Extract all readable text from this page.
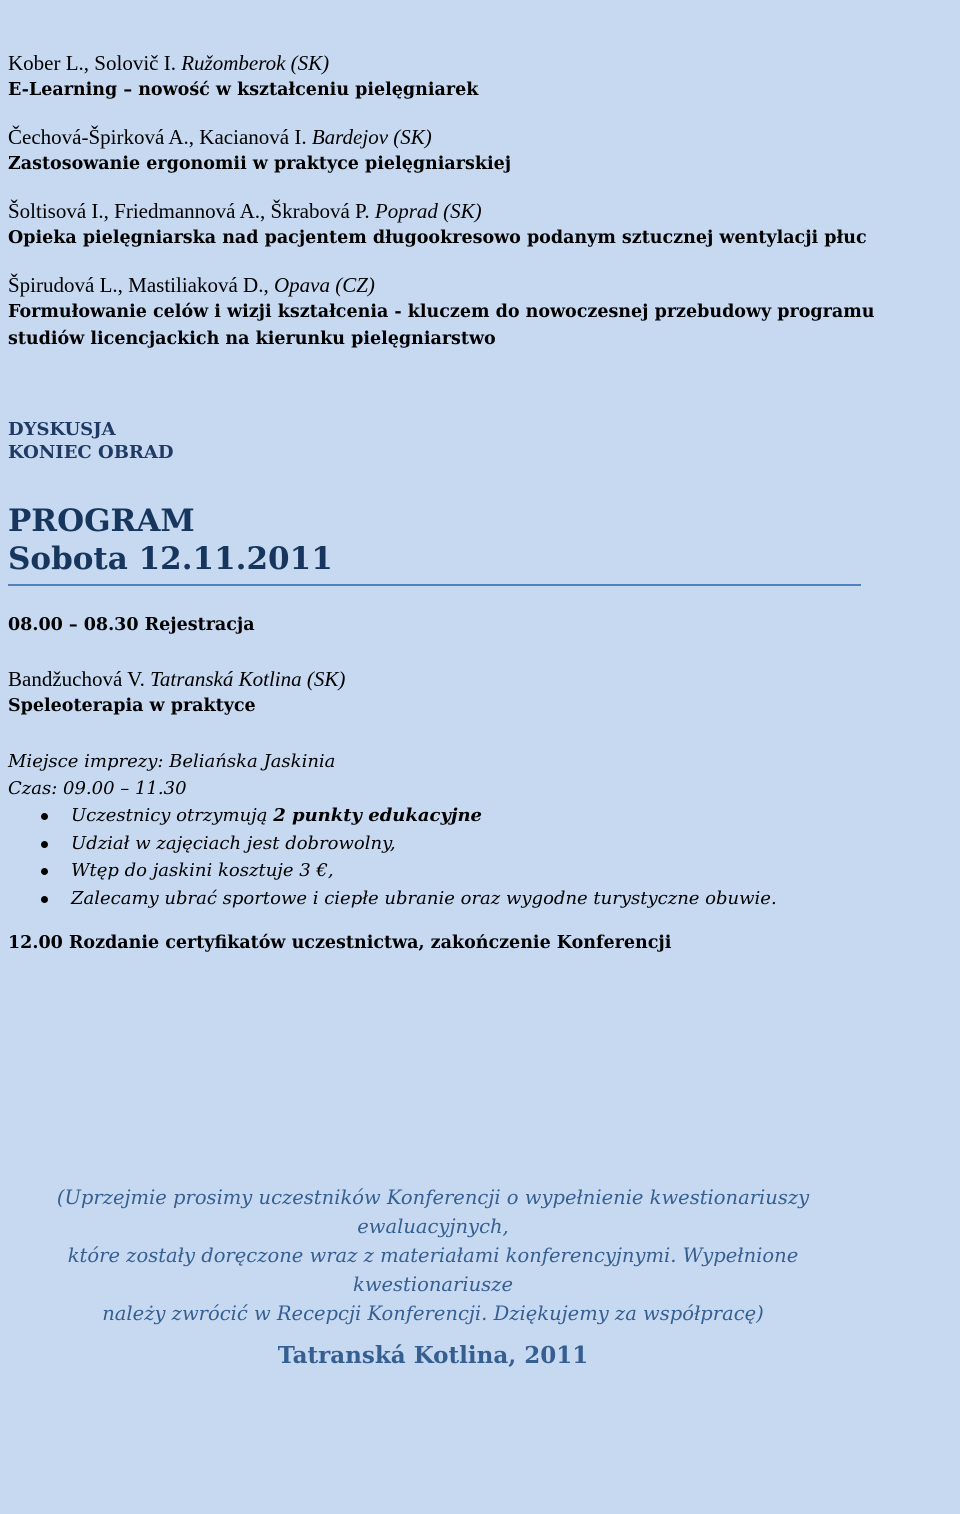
Kober L., Solovič I. Ružomberok (SK)
E-Learning – nowość w kształceniu pielęgniarek
Čechová-Špirková A., Kacianová I. Bardejov (SK)
Zastosowanie ergonomii w praktyce pielęgniarskiej
Šoltisová I., Friedmannová A., Škrabová P. Poprad (SK)
Opieka pielęgniarska nad pacjentem długookresowo podanym sztucznej wentylacji płuc
Špirudová L., Mastiliaková D., Opava (CZ)
Formułowanie celów i wizji kształcenia - kluczem do nowoczesnej przebudowy programu
studiów licencjackich na kierunku pielęgniarstwo
DYSKUSJA
KONIEC OBRAD
PROGRAM
Sobota 12.11.2011
08.00 – 08.30 Rejestracja
Bandžuchová V. Tatranská Kotlina (SK)
Speleoterapia w praktyce
Miejsce imprezy: Beliańska Jaskinia
Czas: 09.00 – 11.30
Uczestnicy otrzymują 2 punkty edukacyjne
Udział w zajęciach jest dobrowolny,
Wtęp do jaskini kosztuje 3 €,
Zalecamy ubrać sportowe i ciepłe ubranie oraz wygodne turystyczne obuwie.
12.00 Rozdanie certyfikatów uczestnictwa, zakończenie Konferencji
(Uprzejmie prosimy uczestników Konferencji o wypełnienie kwestionariuszy ewaluacyjnych,
które zostały doręczone wraz z materiałami konferencyjnymi. Wypełnione kwestionariusze
należy zwrócić w Recepcji Konferencji. Dziękujemy za współpracę)
Tatranská Kotlina, 2011
